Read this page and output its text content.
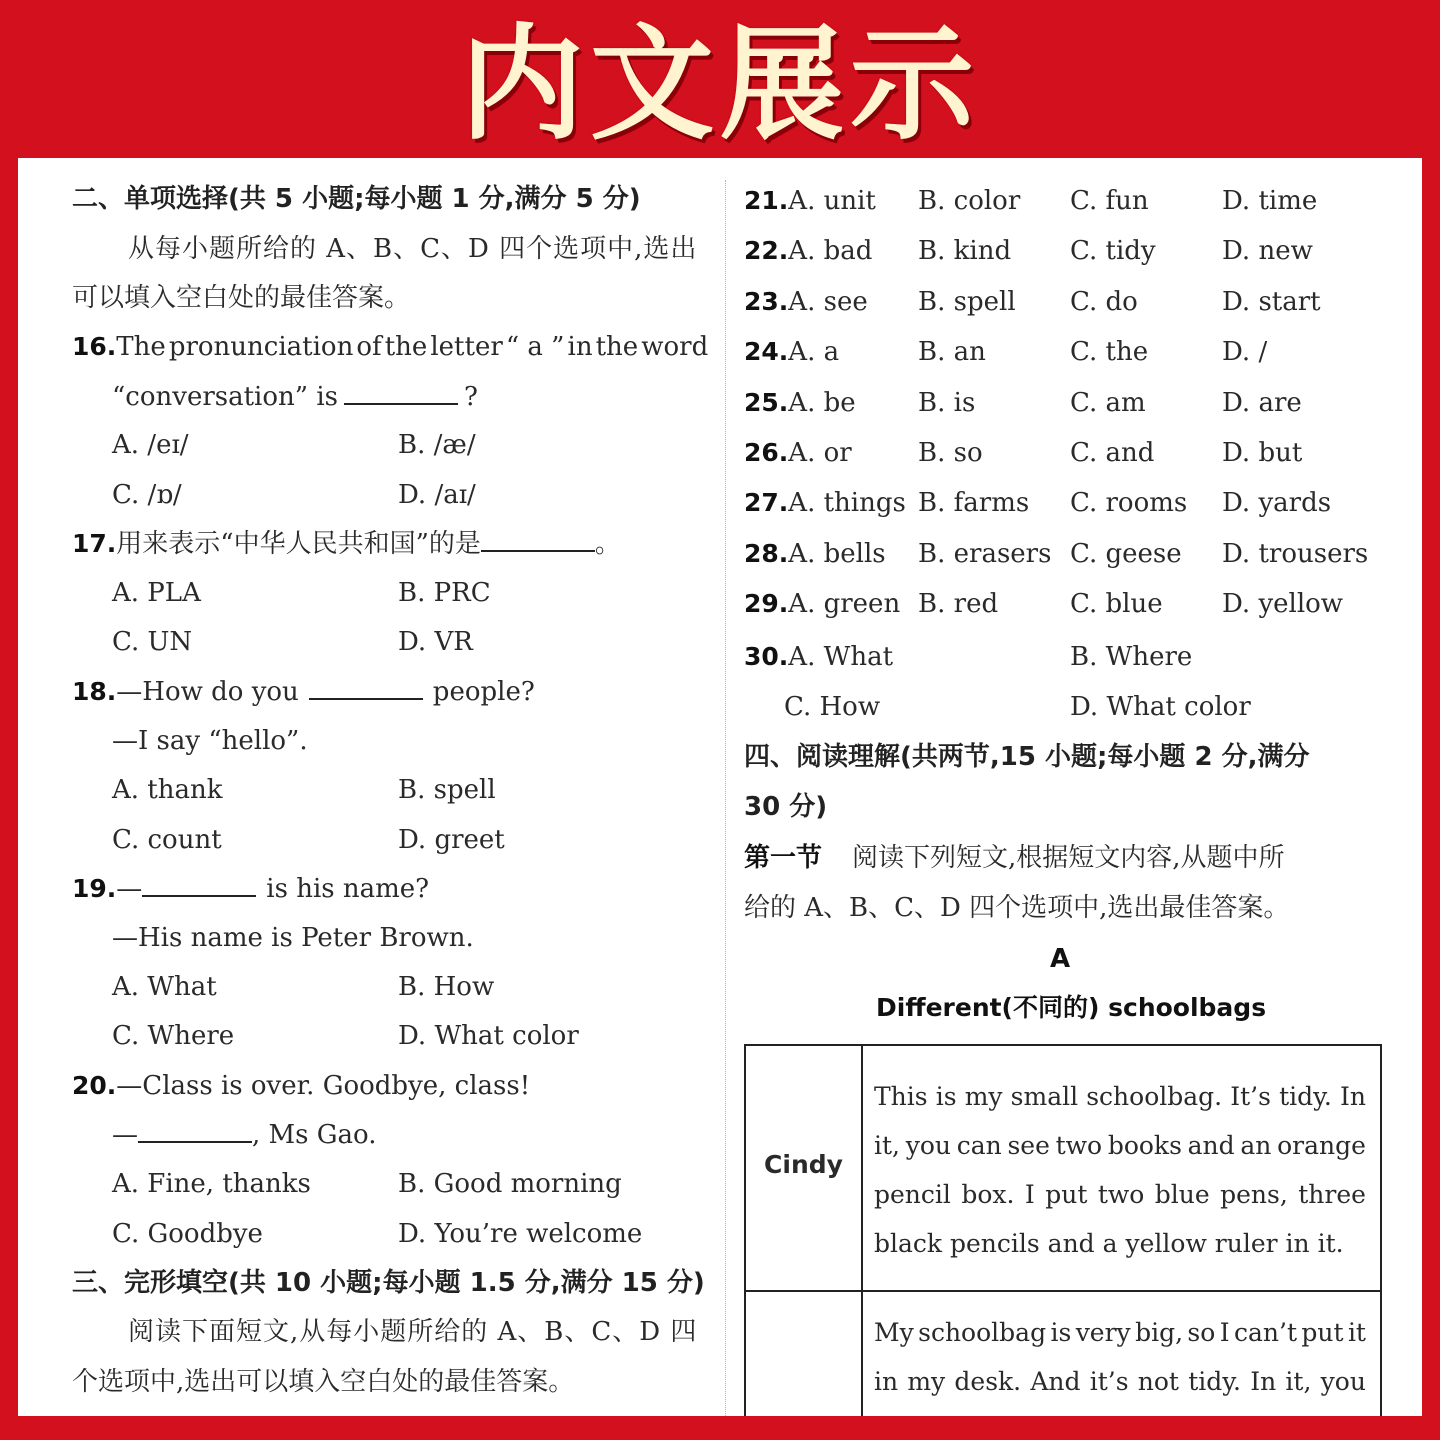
内文展示
二、单项选择(共 5 小题;每小题 1 分,满分 5 分)
从每小题所给的 A、B、C、D 四个选项中,选出
可以填入空白处的最佳答案。
16. The pronunciation of the letter “ a ” in the word
“conversation” is	?
A. /eɪ/	B. /æ/
C. /ɒ/	D. /aɪ/
17.用来表示“中华人民共和国”的是	。
A. PLA	B. PRC
C. UN	D. VR
18.—How do you	people?
—I say “hello”.
A. thank	B. spell
C. count	D. greet
19.—	is his name?
—His name is Peter Brown.
A. What	B. How
C. Where	D. What color
20.—Class is over. Goodbye, class!
—	, Ms Gao.
A. Fine, thanks	B. Good morning
C. Goodbye	D. You’re welcome
三、完形填空(共 10 小题;每小题 1.5 分,满分 15 分)
阅读下面短文,从每小题所给的 A、B、C、D 四
个选项中,选出可以填入空白处的最佳答案。
21.A. unit B. color C. fun	D. time
22.A. bad B. kind C. tidy	D. new
23.A. see B. spell C. do	D. start
24.A. a	B. an	C. the	D. /
25.A. be B. is	C. am	D. are
26.A. or	B. so	C. and	D. but
27.A. things B. farms C. rooms D. yards
28.A. bells B. erasers C. geese D. trousers
29.A. green B. red	C. blue D. yellow
30.A. What	B. Where
C. How	D. What color
四、阅读理解(共两节,15 小题;每小题 2 分,满分
30 分)
第一节 阅读下列短文,根据短文内容,从题中所
给的 A、B、C、D 四个选项中,选出最佳答案。
A
Different(不同的) schoolbags
Cindy
This is my small schoolbag. It’s tidy. In
it, you can see two books and an orange
pencil box. I put two blue pens, three
black pencils and a yellow ruler in it.
My schoolbag is very big, so I can’t put it
in my desk. And it’s not tidy. In it, you
